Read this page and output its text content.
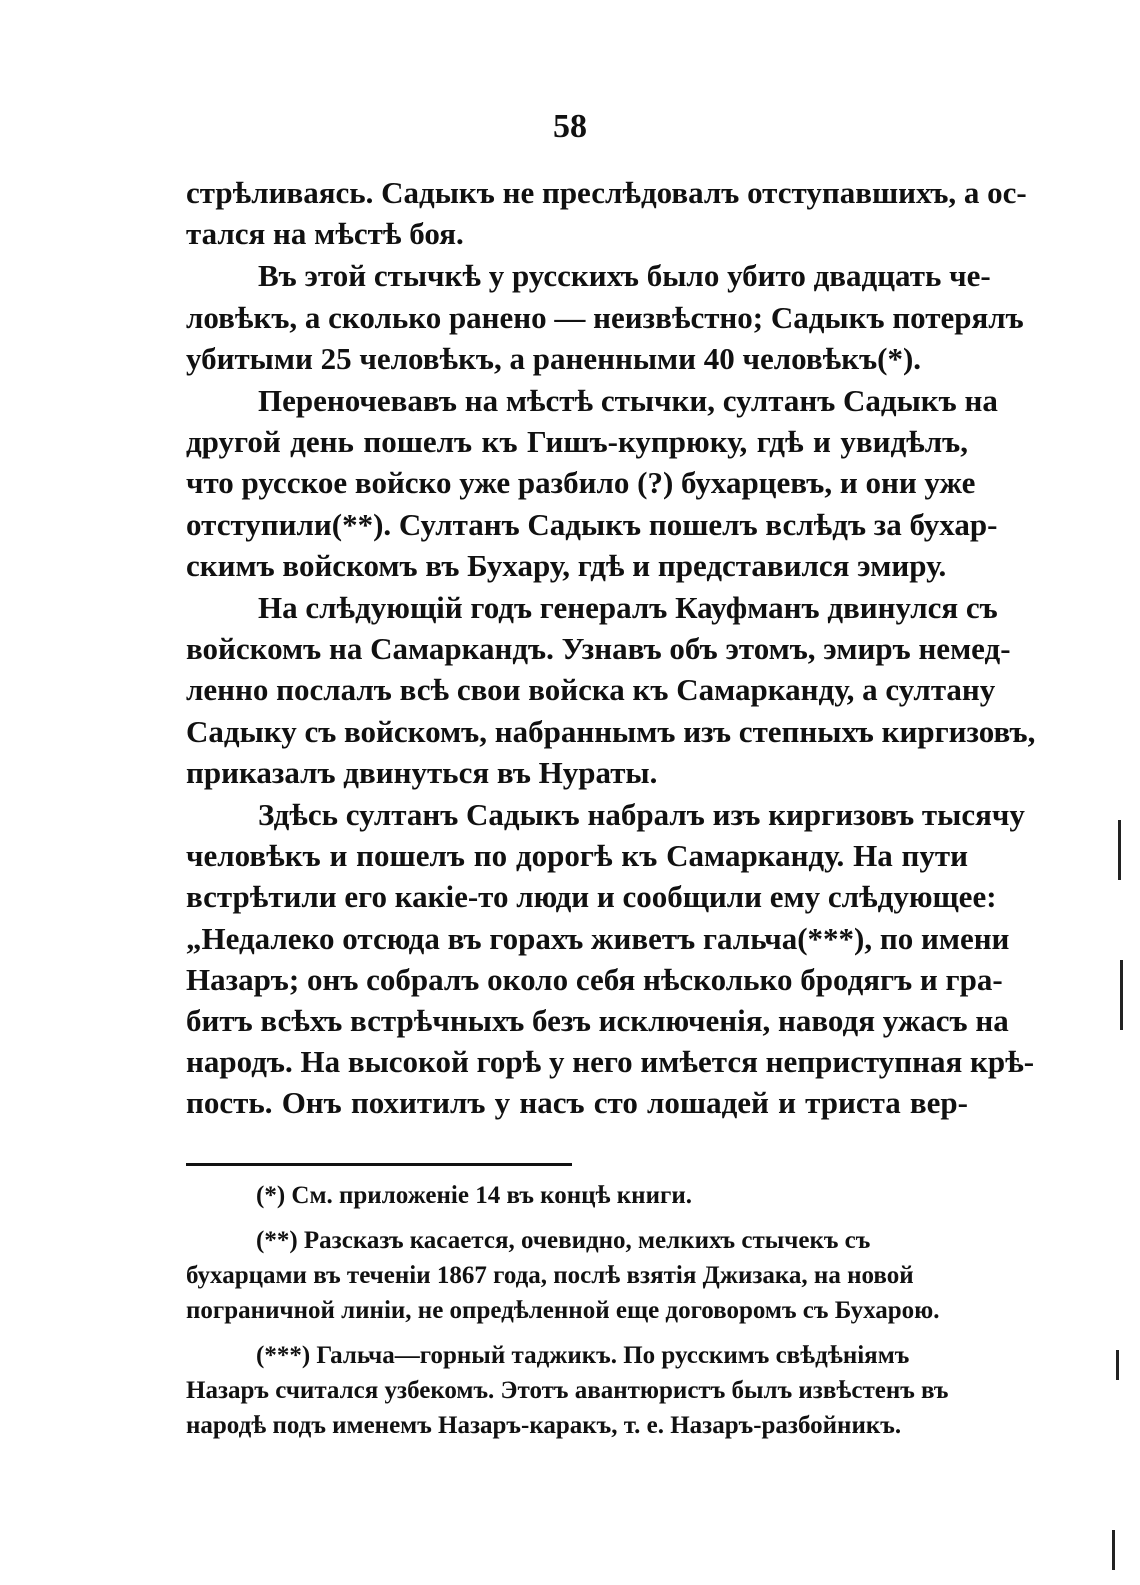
58

стрѣливаясь. Садыкъ не преслѣдовалъ отступавшихъ, а ос-
тался на мѣстѣ боя.

Въ этой стычкѣ у русскихъ было убито двадцать че-
ловѣкъ, а сколько ранено — неизвѣстно; Садыкъ потерялъ
убитыми 25 человѣкъ, а раненными 40 человѣкъ(*).

Переночевавъ на мѣстѣ стычки, султанъ Садыкъ на
другой день пошелъ къ Гишъ-купрюку, гдѣ и увидѣлъ,
что русское войско уже разбило (?) бухарцевъ, и они уже
отступили(**). Султанъ Садыкъ пошелъ вслѣдъ за бухар-
скимъ войскомъ въ Бухару, гдѣ и представился эмиру.

На слѣдующій годъ генералъ Кауфманъ двинулся съ
войскомъ на Самаркандъ. Узнавъ объ этомъ, эмиръ немед-
ленно послалъ всѣ свои войска къ Самарканду, а султану
Садыку съ войскомъ, набраннымъ изъ степныхъ киргизовъ,
приказалъ двинуться въ Нураты.

Здѣсь султанъ Садыкъ набралъ изъ киргизовъ тысячу
человѣкъ и пошелъ по дорогѣ къ Самарканду. На пути
встрѣтили его какіе-то люди и сообщили ему слѣдующее:
„Недалеко отсюда въ горахъ живетъ гальча(***), по имени
Назаръ; онъ собралъ около себя нѣсколько бродягъ и гра-
битъ всѣхъ встрѣчныхъ безъ исключенія, наводя ужасъ на
народъ. На высокой горѣ у него имѣется неприступная крѣ-
пость. Онъ похитилъ у насъ сто лошадей и триста вер-

(*) См. приложеніе 14 въ концѣ книги.

(**) Разсказъ касается, очевидно, мелкихъ стычекъ съ бухарцами въ теченіи 1867 года, послѣ взятія Джизака, на новой пограничной линіи, не опредѣленной еще договоромъ съ Бухарою.

(***) Гальча—горный таджикъ. По русскимъ свѣдѣніямъ Назаръ считался узбекомъ. Этотъ авантюристъ былъ извѣстенъ въ народѣ подъ именемъ Назаръ-каракъ, т. е. Назаръ-разбойникъ.
